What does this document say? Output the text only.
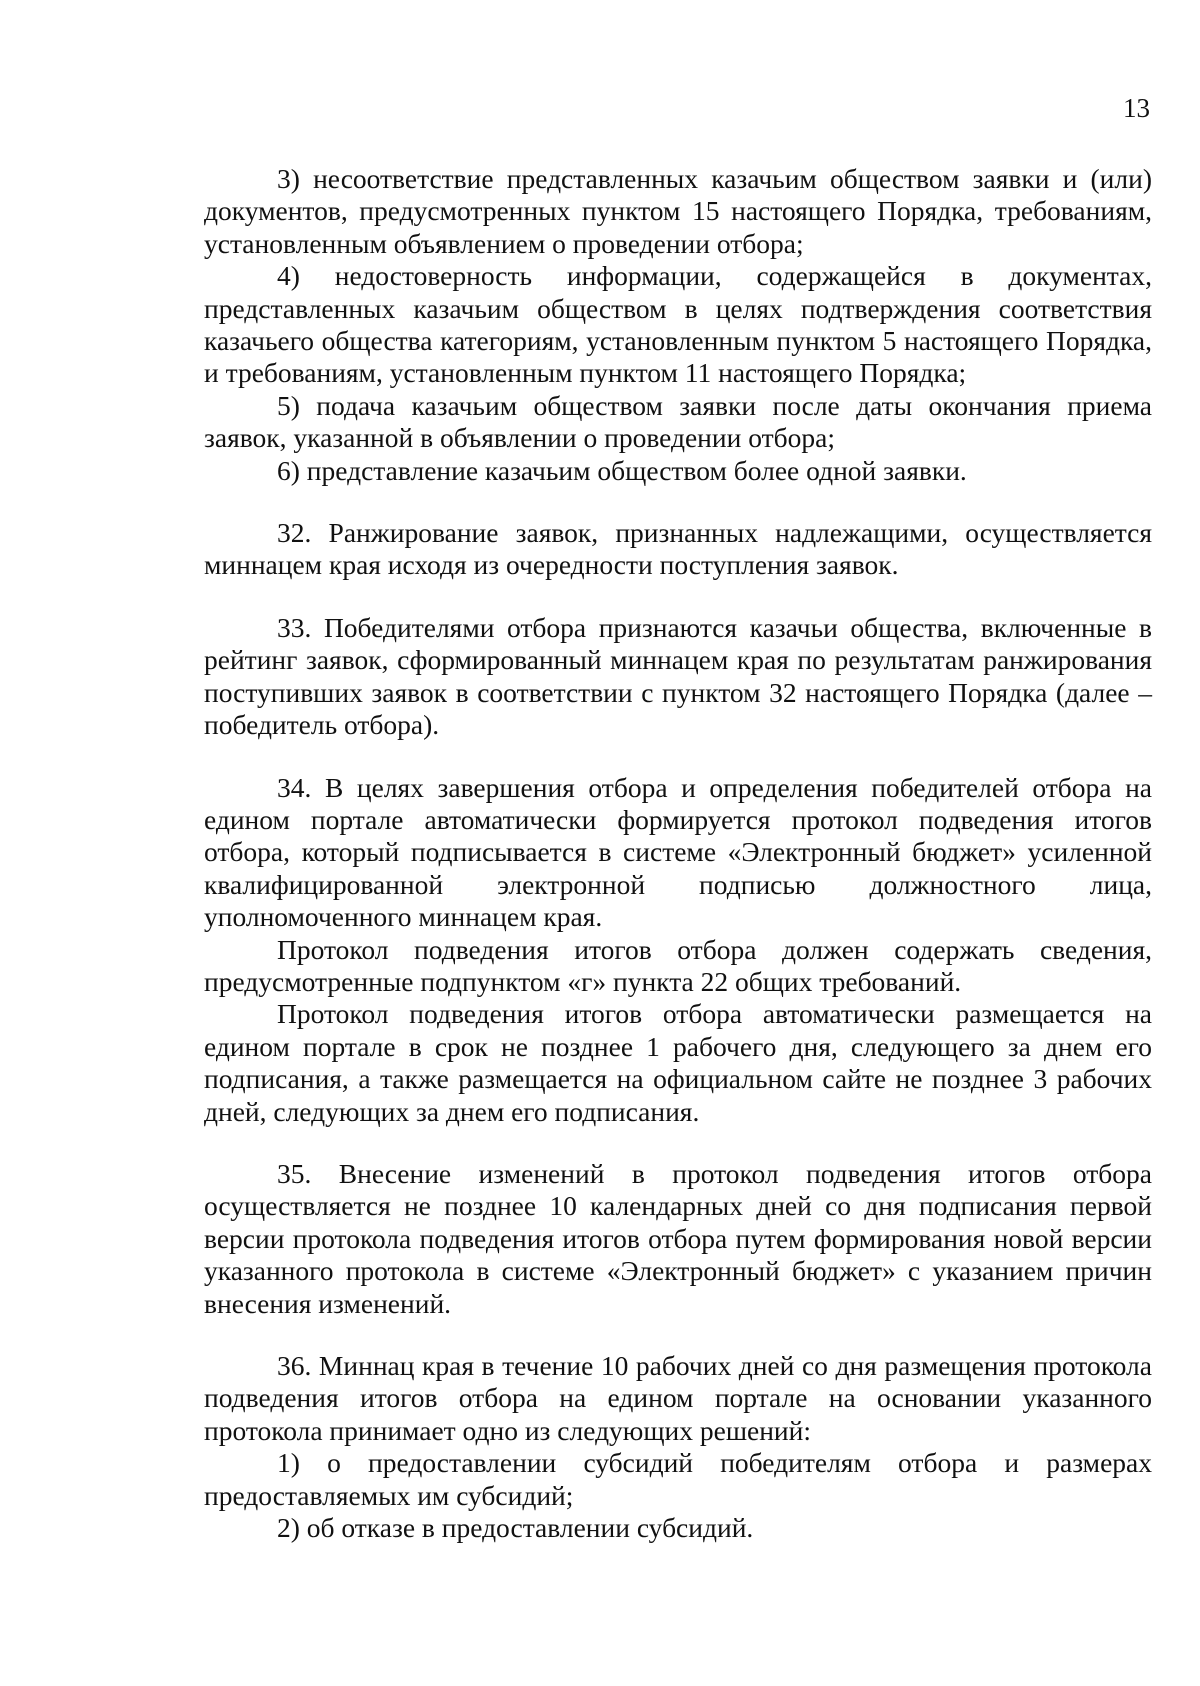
13

3) несоответствие представленных казачьим обществом заявки и (или) документов, предусмотренных пунктом 15 настоящего Порядка, требованиям, установленным объявлением о проведении отбора;

4) недостоверность информации, содержащейся в документах, представленных казачьим обществом в целях подтверждения соответствия казачьего общества категориям, установленным пунктом 5 настоящего Порядка, и требованиям, установленным пунктом 11 настоящего Порядка;

5) подача казачьим обществом заявки после даты окончания приема заявок, указанной в объявлении о проведении отбора;

6) представление казачьим обществом более одной заявки.

32. Ранжирование заявок, признанных надлежащими, осуществляется миннацем края исходя из очередности поступления заявок.

33. Победителями отбора признаются казачьи общества, включенные в рейтинг заявок, сформированный миннацем края по результатам ранжирования поступивших заявок в соответствии с пунктом 32 настоящего Порядка (далее – победитель отбора).

34. В целях завершения отбора и определения победителей отбора на едином портале автоматически формируется протокол подведения итогов отбора, который подписывается в системе «Электронный бюджет» усиленной квалифицированной электронной подписью должностного лица, уполномоченного миннацем края.

Протокол подведения итогов отбора должен содержать сведения, предусмотренные подпунктом «г» пункта 22 общих требований.

Протокол подведения итогов отбора автоматически размещается на едином портале в срок не позднее 1 рабочего дня, следующего за днем его подписания, а также размещается на официальном сайте не позднее 3 рабочих дней, следующих за днем его подписания.

35. Внесение изменений в протокол подведения итогов отбора осуществляется не позднее 10 календарных дней со дня подписания первой версии протокола подведения итогов отбора путем формирования новой версии указанного протокола в системе «Электронный бюджет» с указанием причин внесения изменений.

36. Миннац края в течение 10 рабочих дней со дня размещения протокола подведения итогов отбора на едином портале на основании указанного протокола принимает одно из следующих решений:

1) о предоставлении субсидий победителям отбора и размерах предоставляемых им субсидий;

2) об отказе в предоставлении субсидий.
